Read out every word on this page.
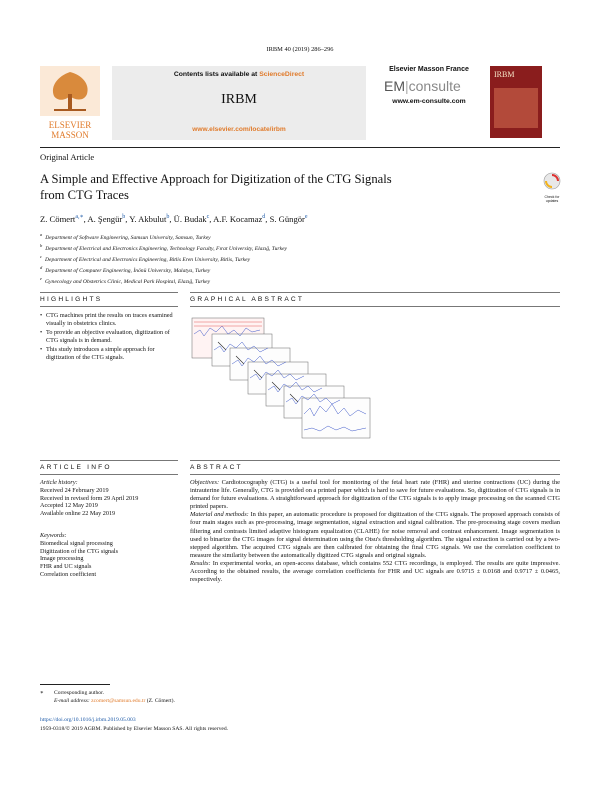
IRBM 40 (2019) 286–296
ELSEVIER
MASSON
Contents lists available at ScienceDirect
IRBM
www.elsevier.com/locate/irbm
Elsevier Masson France
EM|consulte
www.em-consulte.com
IRBM
Original Article
A Simple and Effective Approach for Digitization of the CTG Signals
from CTG Traces	Check for updates
Z. Cömert$^{a,∗}$, A. Şengür$^b$, Y. Akbulut$^b$, Ü. Budak$^c$, A.F. Kocamaz$^d$, S. Güngör$^e$
$^a$Department of Software Engineering, Samsun University, Samsun, Turkey
$^b$Department of Electrical and Electronics Engineering, Technology Faculty, Fırat University, Elazığ, Turkey
$^c$Department of Electrical and Electronics Engineering, Bitlis Eren University, Bitlis, Turkey
$^d$Department of Computer Engineering, İnönü University, Malatya, Turkey
$^e$Gynecology and Obstetrics Clinic, Medical Park Hospital, Elazığ, Turkey
HIGHLIGHTS
• CTG machines print the results on traces examined visually in obstetrics clinics.
• To provide an objective evaluation, digitization of CTG signals is in demand.
• This study introduces a simple approach for digitization of the CTG signals.
GRAPHICAL ABSTRACT
ARTICLE INFO
Article history:
Received 24 February 2019
Received in revised form 29 April 2019
Accepted 12 May 2019
Available online 22 May 2019
Keywords:
Biomedical signal processing
Digitization of the CTG signals
Image processing
FHR and UC signals
Correlation coefficient
ABSTRACT

Objectives: Cardiotocography (CTG) is a useful tool for monitoring of the fetal heart rate (FHR) and uterine contractions (UC) during the intrauterine life. Generally, CTG is provided on a printed paper which is hard to save for future evaluations. So, digitization of CTG signals is in demand for future evaluations. A straightforward approach for digitization of the CTG signals is to apply image processing on the scanned CTG printed papers.

Material and methods: In this paper, an automatic procedure is proposed for digitization of the CTG signals. The proposed approach consists of four main stages such as pre-processing, image segmentation, signal extraction and signal calibration. The pre-processing stage covers median filtering and contrasts limited adaptive histogram equalization (CLAHE) for noise removal and contrast enhancement. Image segmentation is used to binarize the CTG images for signal determination using the Otsu's thresholding algorithm. The signal extraction is carried out by a two-stepped algorithm. The acquired CTG signals are then calibrated for obtaining the final CTG signals. We use the correlation coefficient to measure the similarity between the automatically digitized CTG signals and original signals.

Results: In experimental works, an open-access database, which contains 552 CTG recordings, is employed. The results are quite impressive. According to the obtained results, the average correlation coefficients for FHR and UC signals are 0.9715 ± 0.0168 and 0.9717 ± 0.0465, respectively.

∗ Corresponding author.
E-mail address: zcomert@samsun.edu.tr (Z. Cömert).
https://doi.org/10.1016/j.irbm.2019.05.003
1959-0318/© 2019 AGBM. Published by Elsevier Masson SAS. All rights reserved.
